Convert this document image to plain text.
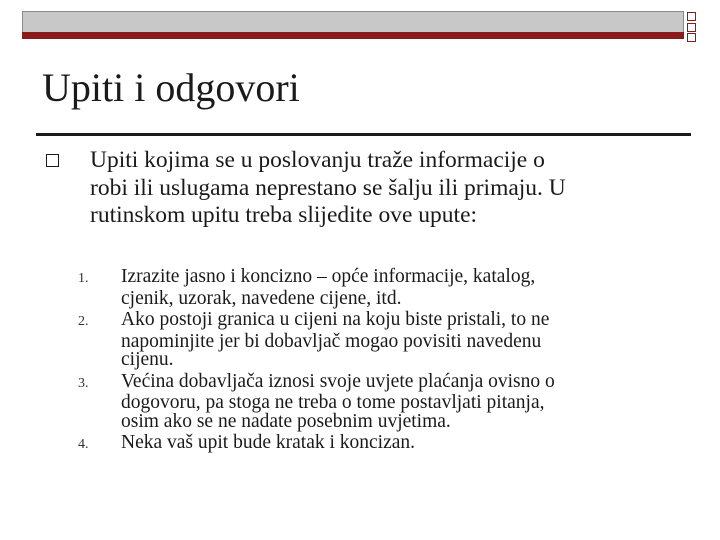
Upiti i odgovori
Upiti kojima se u poslovanju traže informacije o
robi ili uslugama neprestano se šalju ili primaju. U
rutinskom upitu treba slijedite ove upute:
1.	Izrazite jasno i koncizno – opće informacije, katalog,
cjenik, uzorak, navedene cijene, itd.
2.	Ako postoji granica u cijeni na koju biste pristali, to ne
napominjite jer bi dobavljač mogao povisiti navedenu
cijenu.
3.	Većina dobavljača iznosi svoje uvjete plaćanja ovisno o
dogovoru, pa stoga ne treba o tome postavljati pitanja,
osim ako se ne nadate posebnim uvjetima.
4.	Neka vaš upit bude kratak i koncizan.
